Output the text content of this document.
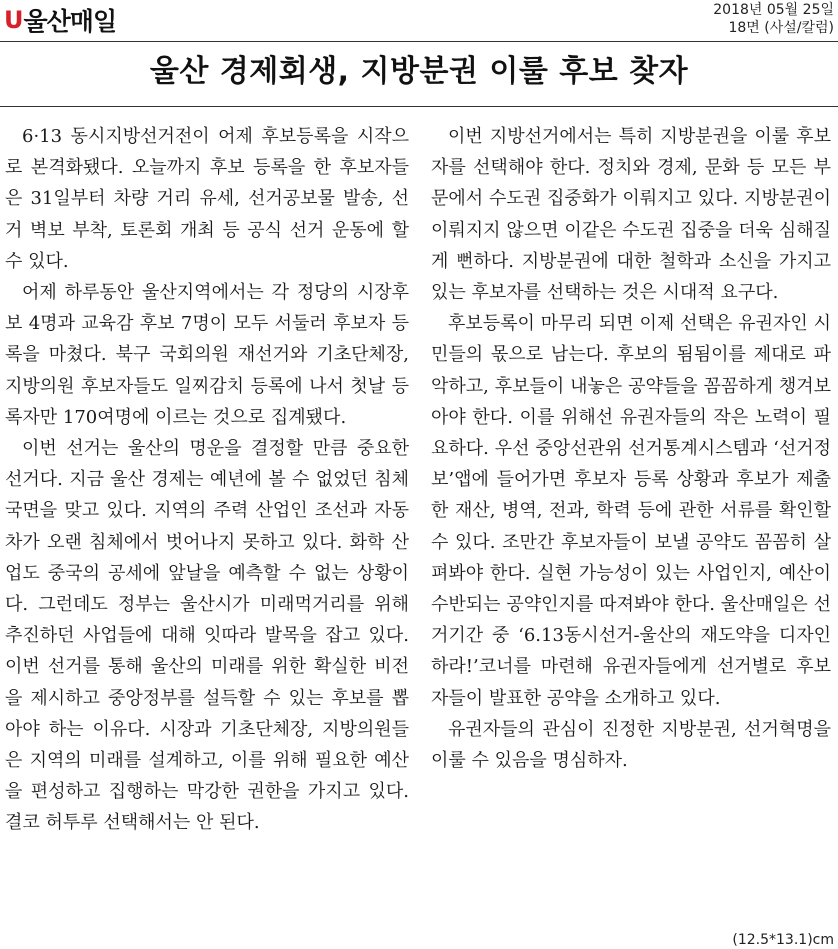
U 울산매일	2018년 05월 25일
18면 (사설/칼럼)
울산 경제회생, 지방분권 이룰 후보 찾자

6·13 동시지방선거전이 어제 후보등록을 시작으로 본격화됐다. 오늘까지 후보 등록을 한 후보자들은 31일부터 차량 거리 유세, 선거공보물 발송, 선거 벽보 부착, 토론회 개최 등 공식 선거 운동에 할 수 있다.

어제 하루동안 울산지역에서는 각 정당의 시장후보 4명과 교육감 후보 7명이 모두 서둘러 후보자 등록을 마쳤다. 북구 국회의원 재선거와 기초단체장, 지방의원 후보자들도 일찌감치 등록에 나서 첫날 등록자만 170여명에 이르는 것으로 집계됐다.

이번 선거는 울산의 명운을 결정할 만큼 중요한 선거다. 지금 울산 경제는 예년에 볼 수 없었던 침체 국면을 맞고 있다. 지역의 주력 산업인 조선과 자동차가 오랜 침체에서 벗어나지 못하고 있다. 화학 산업도 중국의 공세에 앞날을 예측할 수 없는 상황이다. 그런데도 정부는 울산시가 미래먹거리를 위해 추진하던 사업들에 대해 잇따라 발목을 잡고 있다. 이번 선거를 통해 울산의 미래를 위한 확실한 비전을 제시하고 중앙정부를 설득할 수 있는 후보를 뽑아야 하는 이유다. 시장과 기초단체장, 지방의원들은 지역의 미래를 설계하고, 이를 위해 필요한 예산을 편성하고 집행하는 막강한 권한을 가지고 있다. 결코 허투루 선택해서는 안 된다.

이번 지방선거에서는 특히 지방분권을 이룰 후보자를 선택해야 한다. 정치와 경제, 문화 등 모든 부문에서 수도권 집중화가 이뤄지고 있다. 지방분권이 이뤄지지 않으면 이같은 수도권 집중을 더욱 심해질게 뻔하다. 지방분권에 대한 철학과 소신을 가지고 있는 후보자를 선택하는 것은 시대적 요구다.

후보등록이 마무리 되면 이제 선택은 유권자인 시민들의 몫으로 남는다. 후보의 됨됨이를 제대로 파악하고, 후보들이 내놓은 공약들을 꼼꼼하게 챙겨보아야 한다. 이를 위해선 유권자들의 작은 노력이 필요하다. 우선 중앙선관위 선거통계시스템과 ‘선거정보’앱에 들어가면 후보자 등록 상황과 후보가 제출한 재산, 병역, 전과, 학력 등에 관한 서류를 확인할 수 있다. 조만간 후보자들이 보낼 공약도 꼼꼼히 살펴봐야 한다. 실현 가능성이 있는 사업인지, 예산이 수반되는 공약인지를 따져봐야 한다. 울산매일은 선거기간 중 ‘6.13동시선거-울산의 재도약을 디자인하라!’코너를 마련해 유권자들에게 선거별로 후보자들이 발표한 공약을 소개하고 있다.

유권자들의 관심이 진정한 지방분권, 선거혁명을 이룰 수 있음을 명심하자.

(12.5*13.1)cm
